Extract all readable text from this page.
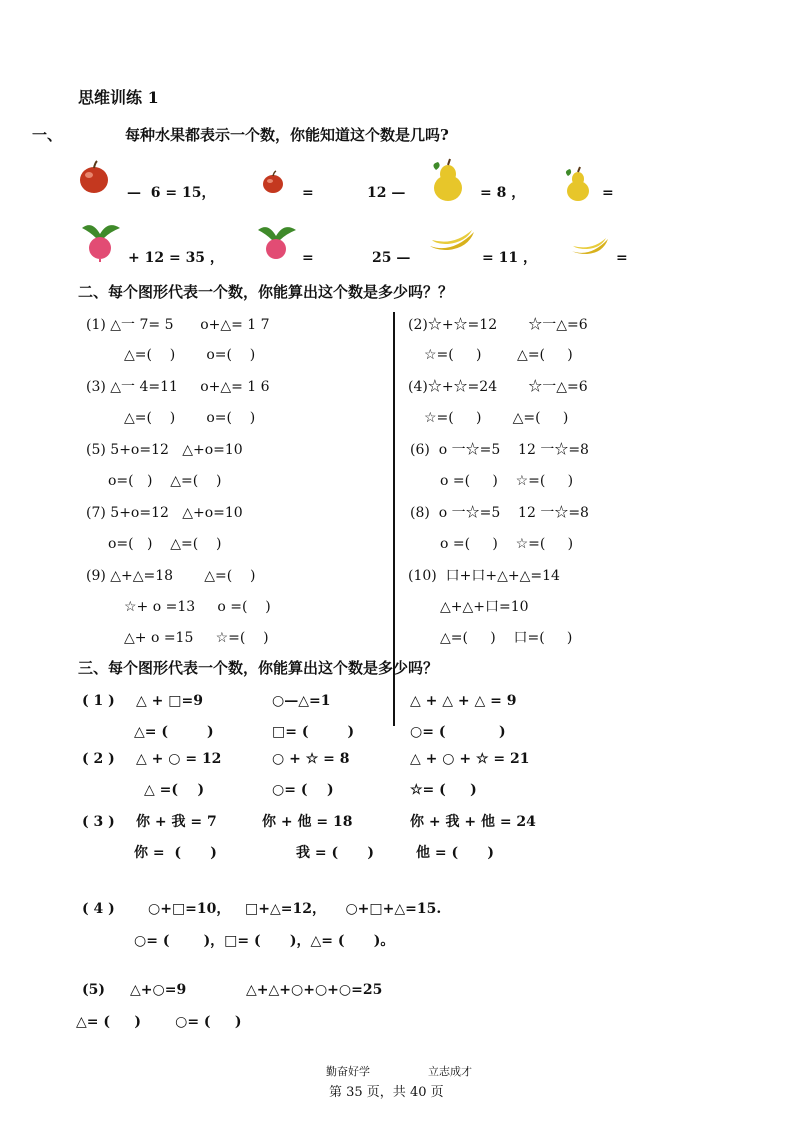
思维训练 1
一、	每种水果都表示一个数，你能知道这个数是几吗?
—  6 = 15，	=	12 —	= 8 ，	=
+ 12 = 35 ，	=	25 —	= 11 ，	=
二、每个图形代表一个数，你能算出这个数是多少吗？？
(1) △一 7= 5      o+△= 1 7
△=(    )       o=(    )
(3) △一 4=11     o+△= 1 6
△=(    )       o=(    )
(5) 5+o=12   △+o=10
o=(   )    △=(    )
(7) 5+o=12   △+o=10
o=(   )    △=(    )
(9) △+△=18       △=(    )
☆+ o =13     o =(    )
△+ o =15     ☆=(    )
(2)☆+☆=12       ☆一△=6
☆=(     )        △=(     )
(4)☆+☆=24       ☆一△=6
☆=(     )       △=(     )
(6)  o 一☆=5    12 一☆=8
o =(     )    ☆=(     )
(8)  o 一☆=5    12 一☆=8
o =(     )    ☆=(     )
(10)  口+口+△+△=14
△+△+口=10
△=(     )    口=(     )
三、每个图形代表一个数，你能算出这个数是多少吗？
( 1 ) △ + □=9	○—△=1	△ + △ + △ = 9
△= (        )	□= (        )	○= (           )
( 2 ) △ + ○ = 12	○ + ☆ = 8	△ + ○ + ☆ = 21
△ =(    )	○= (    )	☆= (     )
( 3 ) 你 + 我 = 7	你 + 他 = 18	你 + 我 + 他 = 24
你 =  (      )	我 = (      )	他 = (      )
( 4 ) ○+□=10，   □+△=12，    ○+□+△=15.
○= (       )，□= (      )，△= (      )。
(5) △+○=9	△+△+○+○+○=25
△= (     )       ○= (     )
勤奋好学	立志成才
第 35 页，共 40 页
